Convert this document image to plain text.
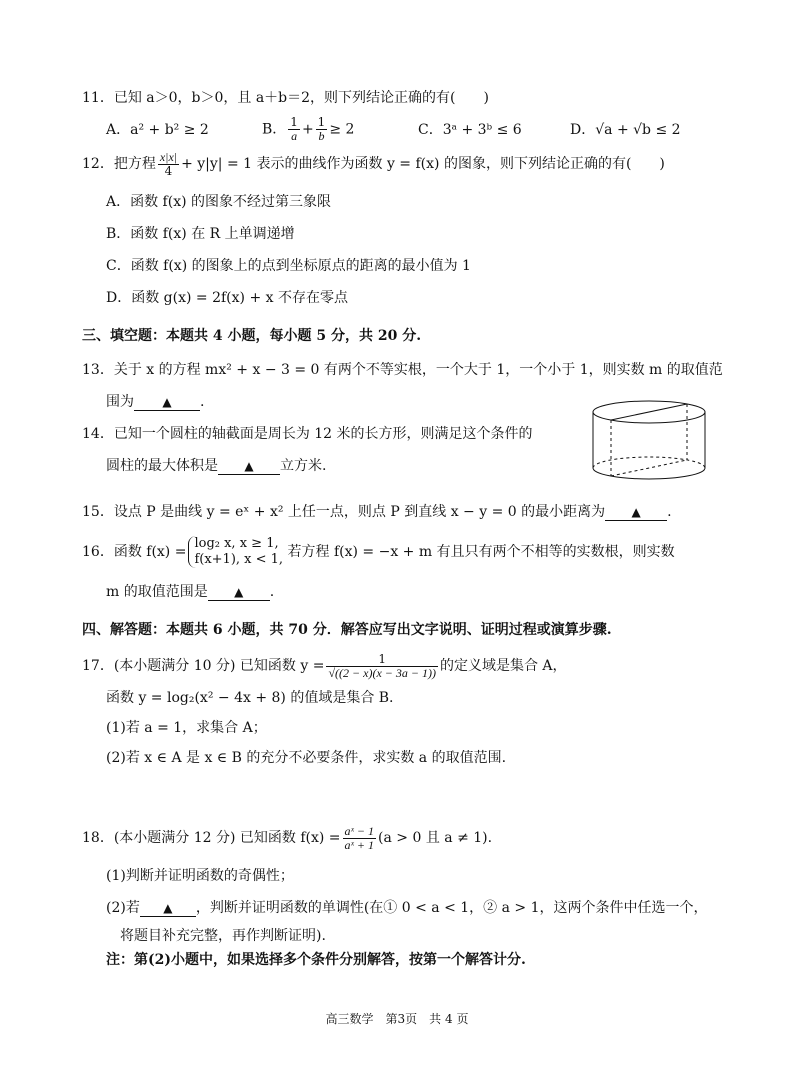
11．已知 a＞0，b＞0，且 a＋b＝2，则下列结论正确的有(　　)
A．a² + b² ≥ 2	B． $\frac{1}{a} + \frac{1}{b} \ge 2$	C．3ᵃ + 3ᵇ ≤ 6	D．√a + √b ≤ 2
12．把方程 $\frac{x|x|}{4} + y|y| = 1$ 表示的曲线作为函数 y = f(x) 的图象，则下列结论正确的有(　　)
A．函数 f(x) 的图象不经过第三象限
B．函数 f(x) 在 R 上单调递增
C．函数 f(x) 的图象上的点到坐标原点的距离的最小值为 1
D．函数 g(x) = 2f(x) + x 不存在零点
三、填空题：本题共 4 小题，每小题 5 分，共 20 分.
13．关于 x 的方程 mx² + x − 3 = 0 有两个不等实根，一个大于 1，一个小于 1，则实数 m 的取值范
围为 ▲ .
14．已知一个圆柱的轴截面是周长为 12 米的长方形，则满足这个条件的
圆柱的最大体积是 ▲ 立方米.
15．设点 P 是曲线 y = eˣ + x² 上任一点，则点 P 到直线 x − y = 0 的最小距离为 ▲ .
16．函数 f(x) =
log₂ x, x ≥ 1,
f(x+1), x < 1, 若方程 f(x) = −x + m 有且只有两个不相等的实数根，则实数
m 的取值范围是 ▲ .
四、解答题：本题共 6 小题，共 70 分．解答应写出文字说明、证明过程或演算步骤.
17．(本小题满分 10 分) 已知函数 $y = \frac{1}{√((2 - x)(x - 3a - 1))}$ 的定义域是集合 A，
函数 y = log₂(x² − 4x + 8) 的值域是集合 B.
(1)若 a = 1，求集合 A；
(2)若 x ∈ A 是 x ∈ B 的充分不必要条件，求实数 a 的取值范围.
18．(本小题满分 12 分) 已知函数 $f(x) = \frac{\text{aˣ − 1}}{\text{aˣ + 1}} (a > 0$ 且 a ≠ 1).
(1)判断并证明函数的奇偶性；
(2)若 ▲ ，判断并证明函数的单调性(在① 0 < a < 1，② a > 1，这两个条件中任选一个，
将题目补充完整，再作判断证明).
注：第(2)小题中，如果选择多个条件分别解答，按第一个解答计分.
高三数学　第3页　共 4 页
